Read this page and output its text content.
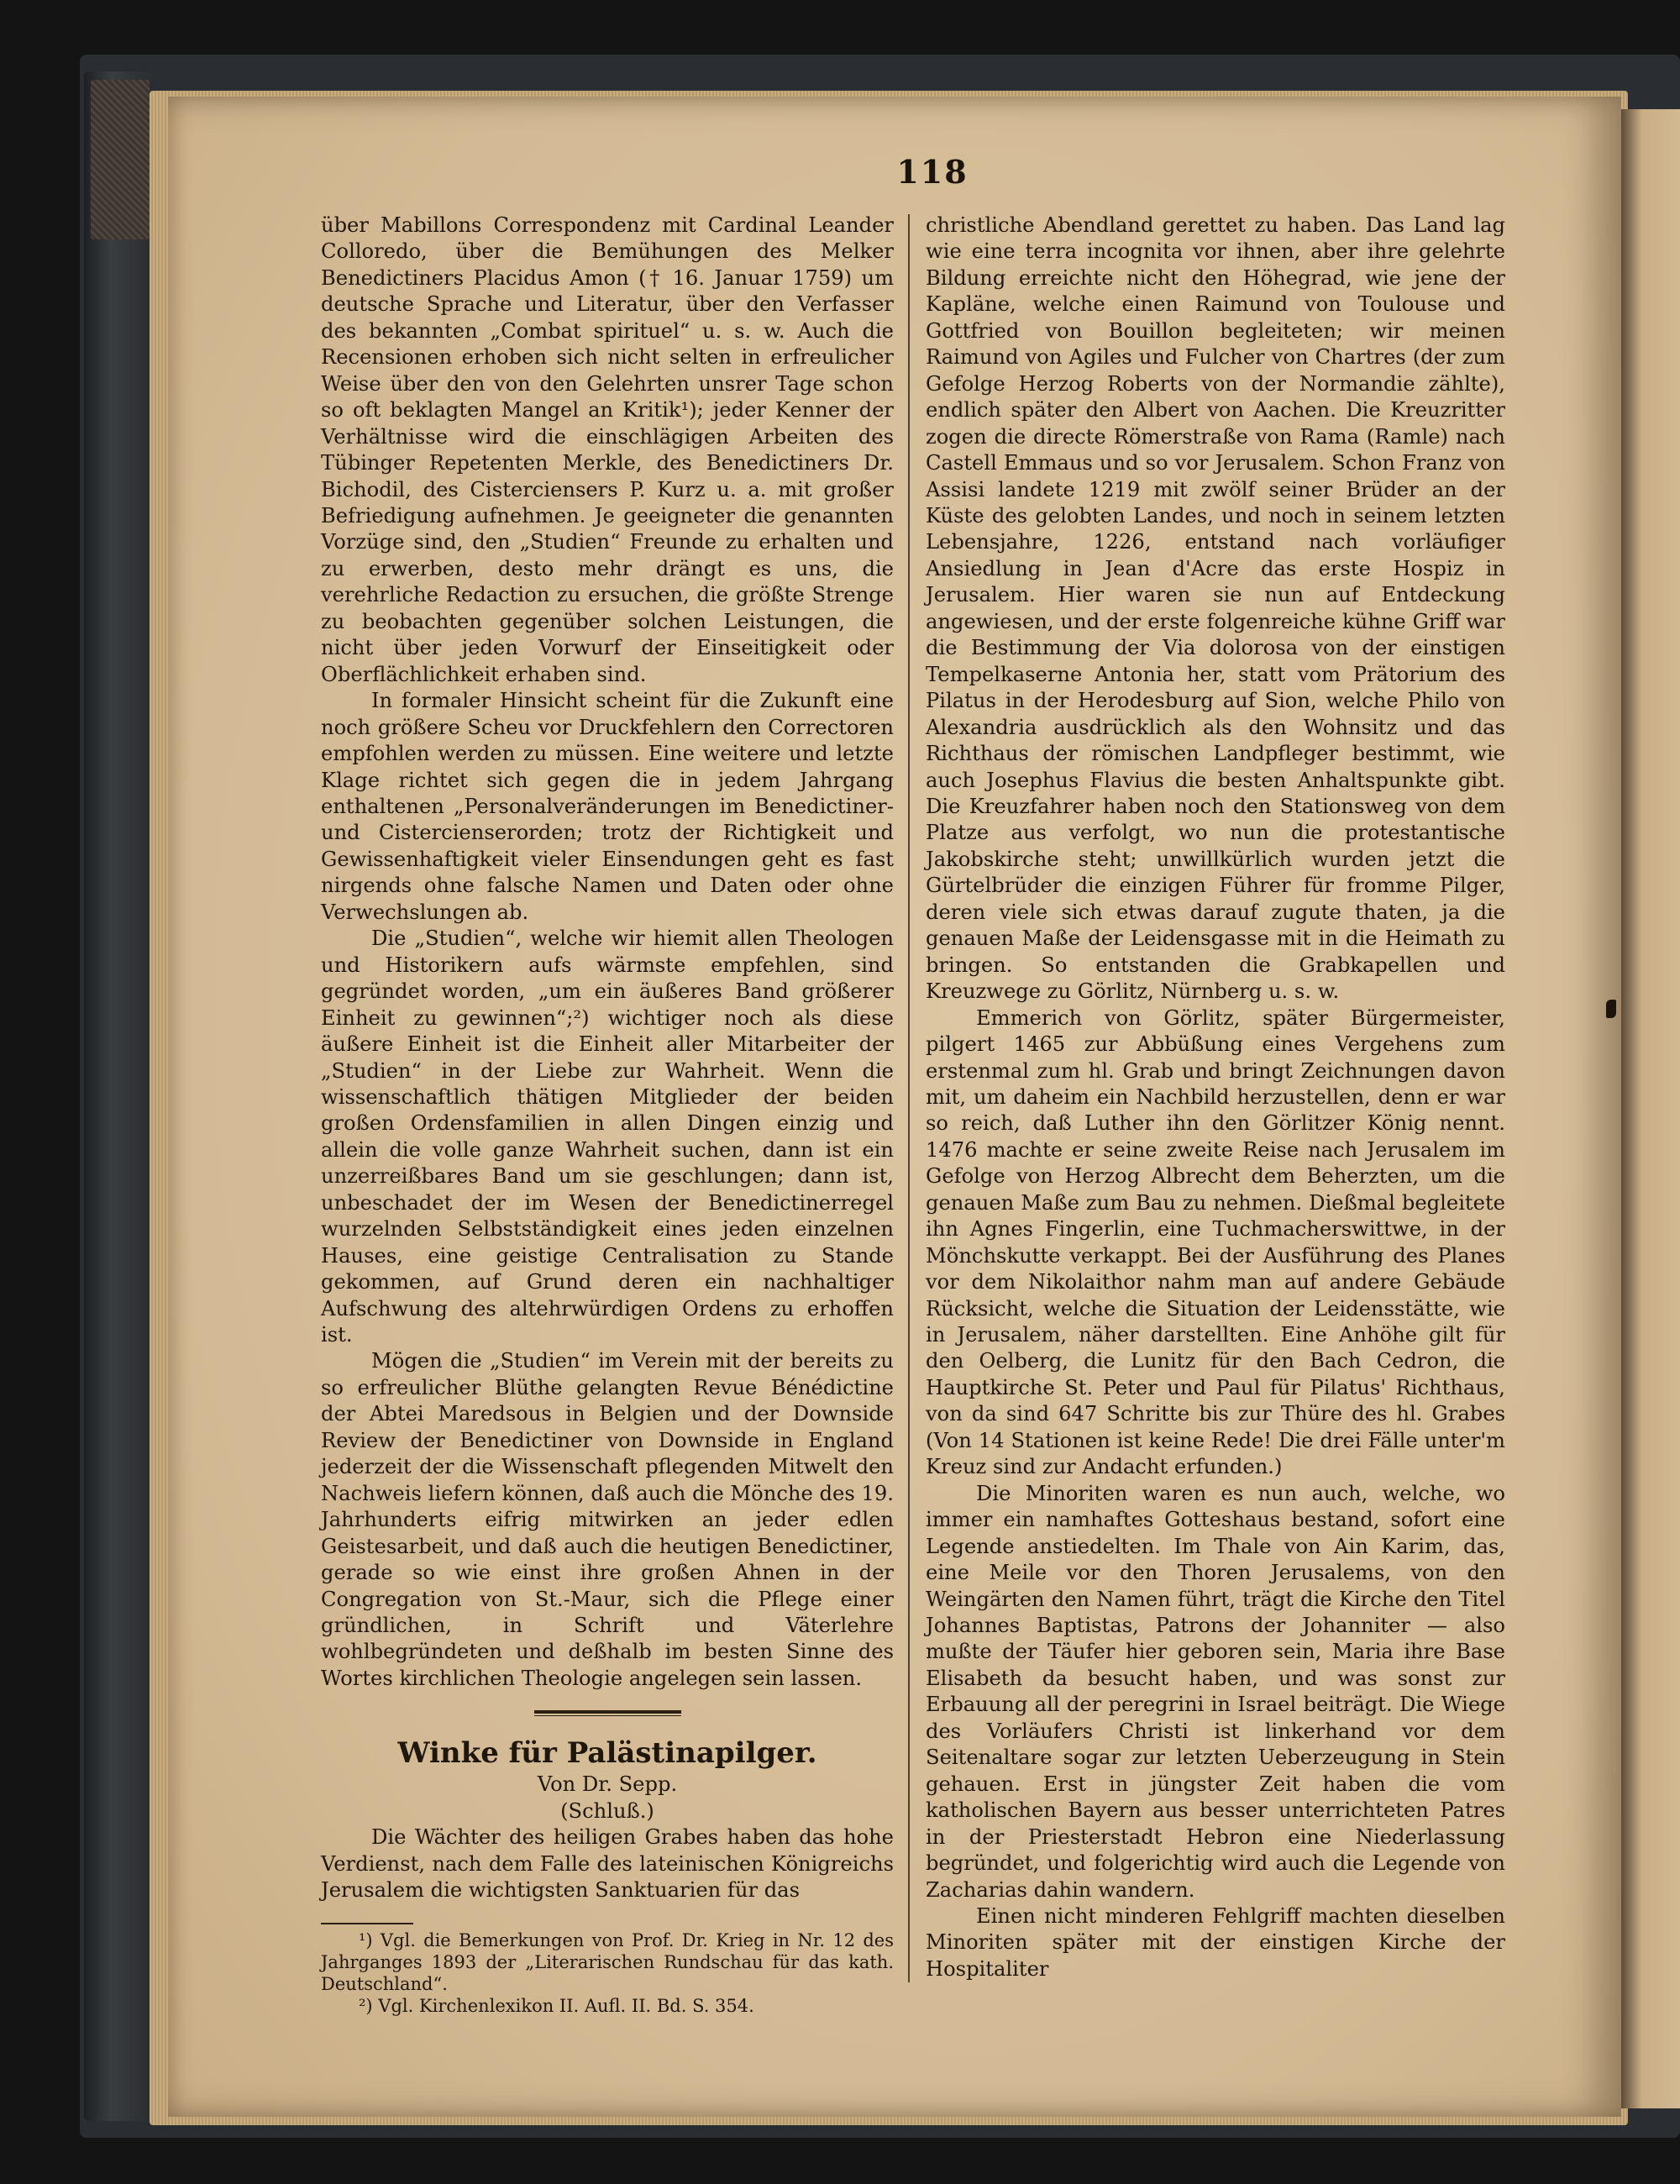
118

über Mabillons Correspondenz mit Cardinal Leander Colloredo, über die Bemühungen des Melker Benedictiners Placidus Amon († 16. Januar 1759) um deutsche Sprache und Literatur, über den Verfasser des bekannten „Combat spirituel“ u. s. w. Auch die Recensionen erhoben sich nicht selten in erfreulicher Weise über den von den Gelehrten unsrer Tage schon so oft beklagten Mangel an Kritik¹); jeder Kenner der Verhältnisse wird die einschlägigen Arbeiten des Tübinger Repetenten Merkle, des Benedictiners Dr. Bichodil, des Cisterciensers P. Kurz u. a. mit großer Befriedigung aufnehmen. Je geeigneter die genannten Vorzüge sind, den „Studien“ Freunde zu erhalten und zu erwerben, desto mehr drängt es uns, die verehrliche Redaction zu ersuchen, die größte Strenge zu beobachten gegenüber solchen Leistungen, die nicht über jeden Vorwurf der Einseitigkeit oder Oberflächlichkeit erhaben sind.

In formaler Hinsicht scheint für die Zukunft eine noch größere Scheu vor Druckfehlern den Correctoren empfohlen werden zu müssen. Eine weitere und letzte Klage richtet sich gegen die in jedem Jahrgang enthaltenen „Personalveränderungen im Benedictiner- und Cistercienserorden; trotz der Richtigkeit und Gewissenhaftigkeit vieler Einsendungen geht es fast nirgends ohne falsche Namen und Daten oder ohne Verwechslungen ab.

Die „Studien“, welche wir hiemit allen Theologen und Historikern aufs wärmste empfehlen, sind gegründet worden, „um ein äußeres Band größerer Einheit zu gewinnen“;²) wichtiger noch als diese äußere Einheit ist die Einheit aller Mitarbeiter der „Studien“ in der Liebe zur Wahrheit. Wenn die wissenschaftlich thätigen Mitglieder der beiden großen Ordensfamilien in allen Dingen einzig und allein die volle ganze Wahrheit suchen, dann ist ein unzerreißbares Band um sie geschlungen; dann ist, unbeschadet der im Wesen der Benedictinerregel wurzelnden Selbstständigkeit eines jeden einzelnen Hauses, eine geistige Centralisation zu Stande gekommen, auf Grund deren ein nachhaltiger Aufschwung des altehrwürdigen Ordens zu erhoffen ist.

Mögen die „Studien“ im Verein mit der bereits zu so erfreulicher Blüthe gelangten Revue Bénédictine der Abtei Maredsous in Belgien und der Downside Review der Benedictiner von Downside in England jederzeit der die Wissenschaft pflegenden Mitwelt den Nachweis liefern können, daß auch die Mönche des 19. Jahrhunderts eifrig mitwirken an jeder edlen Geistesarbeit, und daß auch die heutigen Benedictiner, gerade so wie einst ihre großen Ahnen in der Congregation von St.-Maur, sich die Pflege einer gründlichen, in Schrift und Väterlehre wohlbegründeten und deßhalb im besten Sinne des Wortes kirchlichen Theologie angelegen sein lassen.

Winke für Palästinapilger.

Von Dr. Sepp.

(Schluß.)

Die Wächter des heiligen Grabes haben das hohe Verdienst, nach dem Falle des lateinischen Königreichs Jerusalem die wichtigsten Sanktuarien für das

¹) Vgl. die Bemerkungen von Prof. Dr. Krieg in Nr. 12 des Jahrganges 1893 der „Literarischen Rundschau für das kath. Deutschland“.

²) Vgl. Kirchenlexikon II. Aufl. II. Bd. S. 354.

christliche Abendland gerettet zu haben. Das Land lag wie eine terra incognita vor ihnen, aber ihre gelehrte Bildung erreichte nicht den Höhegrad, wie jene der Kapläne, welche einen Raimund von Toulouse und Gottfried von Bouillon begleiteten; wir meinen Raimund von Agiles und Fulcher von Chartres (der zum Gefolge Herzog Roberts von der Normandie zählte), endlich später den Albert von Aachen. Die Kreuzritter zogen die directe Römerstraße von Rama (Ramle) nach Castell Emmaus und so vor Jerusalem. Schon Franz von Assisi landete 1219 mit zwölf seiner Brüder an der Küste des gelobten Landes, und noch in seinem letzten Lebensjahre, 1226, entstand nach vorläufiger Ansiedlung in Jean d'Acre das erste Hospiz in Jerusalem. Hier waren sie nun auf Entdeckung angewiesen, und der erste folgenreiche kühne Griff war die Bestimmung der Via dolorosa von der einstigen Tempelkaserne Antonia her, statt vom Prätorium des Pilatus in der Herodesburg auf Sion, welche Philo von Alexandria ausdrücklich als den Wohnsitz und das Richthaus der römischen Landpfleger bestimmt, wie auch Josephus Flavius die besten Anhaltspunkte gibt. Die Kreuzfahrer haben noch den Stationsweg von dem Platze aus verfolgt, wo nun die protestantische Jakobskirche steht; unwillkürlich wurden jetzt die Gürtelbrüder die einzigen Führer für fromme Pilger, deren viele sich etwas darauf zugute thaten, ja die genauen Maße der Leidensgasse mit in die Heimath zu bringen. So entstanden die Grabkapellen und Kreuzwege zu Görlitz, Nürnberg u. s. w.

Emmerich von Görlitz, später Bürgermeister, pilgert 1465 zur Abbüßung eines Vergehens zum erstenmal zum hl. Grab und bringt Zeichnungen davon mit, um daheim ein Nachbild herzustellen, denn er war so reich, daß Luther ihn den Görlitzer König nennt. 1476 machte er seine zweite Reise nach Jerusalem im Gefolge von Herzog Albrecht dem Beherzten, um die genauen Maße zum Bau zu nehmen. Dießmal begleitete ihn Agnes Fingerlin, eine Tuchmacherswittwe, in der Mönchskutte verkappt. Bei der Ausführung des Planes vor dem Nikolaithor nahm man auf andere Gebäude Rücksicht, welche die Situation der Leidensstätte, wie in Jerusalem, näher darstellten. Eine Anhöhe gilt für den Oelberg, die Lunitz für den Bach Cedron, die Hauptkirche St. Peter und Paul für Pilatus' Richthaus, von da sind 647 Schritte bis zur Thüre des hl. Grabes (Von 14 Stationen ist keine Rede! Die drei Fälle unter'm Kreuz sind zur Andacht erfunden.)

Die Minoriten waren es nun auch, welche, wo immer ein namhaftes Gotteshaus bestand, sofort eine Legende anstiedelten. Im Thale von Ain Karim, das, eine Meile vor den Thoren Jerusalems, von den Weingärten den Namen führt, trägt die Kirche den Titel Johannes Baptistas, Patrons der Johanniter — also mußte der Täufer hier geboren sein, Maria ihre Base Elisabeth da besucht haben, und was sonst zur Erbauung all der peregrini in Israel beiträgt. Die Wiege des Vorläufers Christi ist linkerhand vor dem Seitenaltare sogar zur letzten Ueberzeugung in Stein gehauen. Erst in jüngster Zeit haben die vom katholischen Bayern aus besser unterrichteten Patres in der Priesterstadt Hebron eine Niederlassung begründet, und folgerichtig wird auch die Legende von Zacharias dahin wandern.

Einen nicht minderen Fehlgriff machten dieselben Minoriten später mit der einstigen Kirche der Hospitaliter
